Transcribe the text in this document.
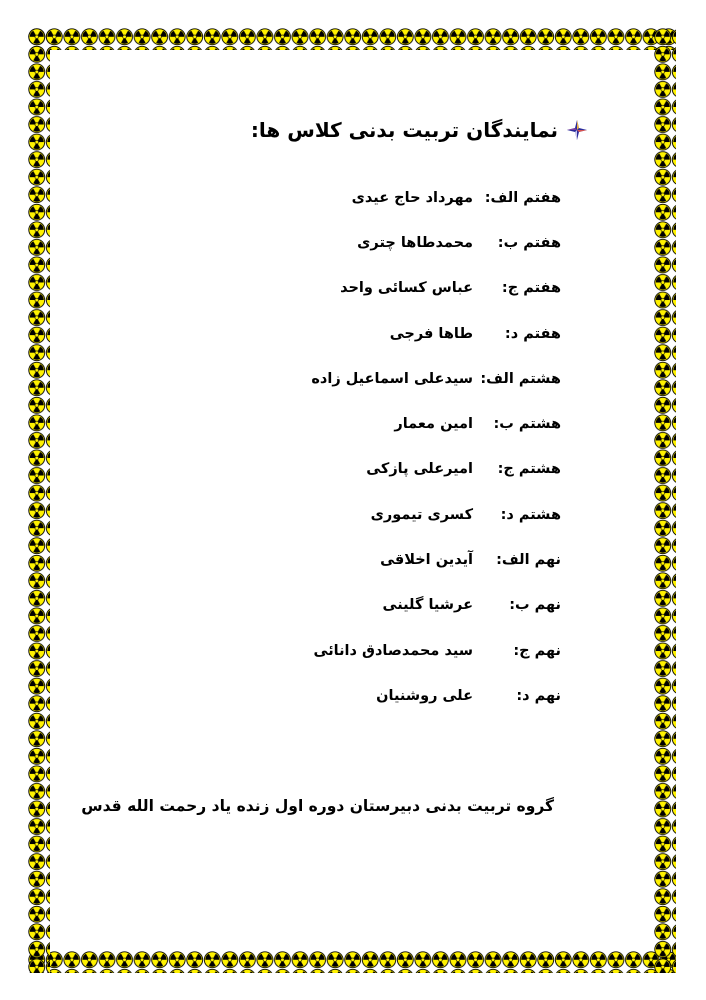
نمایندگان تربیت بدنی کلاس ها:
هفتم الف:
مهرداد حاج عیدی
هفتم ب:
محمدطاها چتری
هفتم ج:
عباس کسائی واحد
هفتم د:
طاها فرجی
هشتم الف:
سیدعلی اسماعیل زاده
هشتم ب:
امین معمار
هشتم ج:
امیرعلی پازکی
هشتم د:
کسری تیموری
نهم الف:
آیدین اخلاقی
نهم ب:
عرشیا گلینی
نهم ج:
سید محمدصادق دانائی
نهم د:
علی روشنیان
گروه تربیت بدنی دبیرستان دوره اول زنده یاد رحمت الله قدس
